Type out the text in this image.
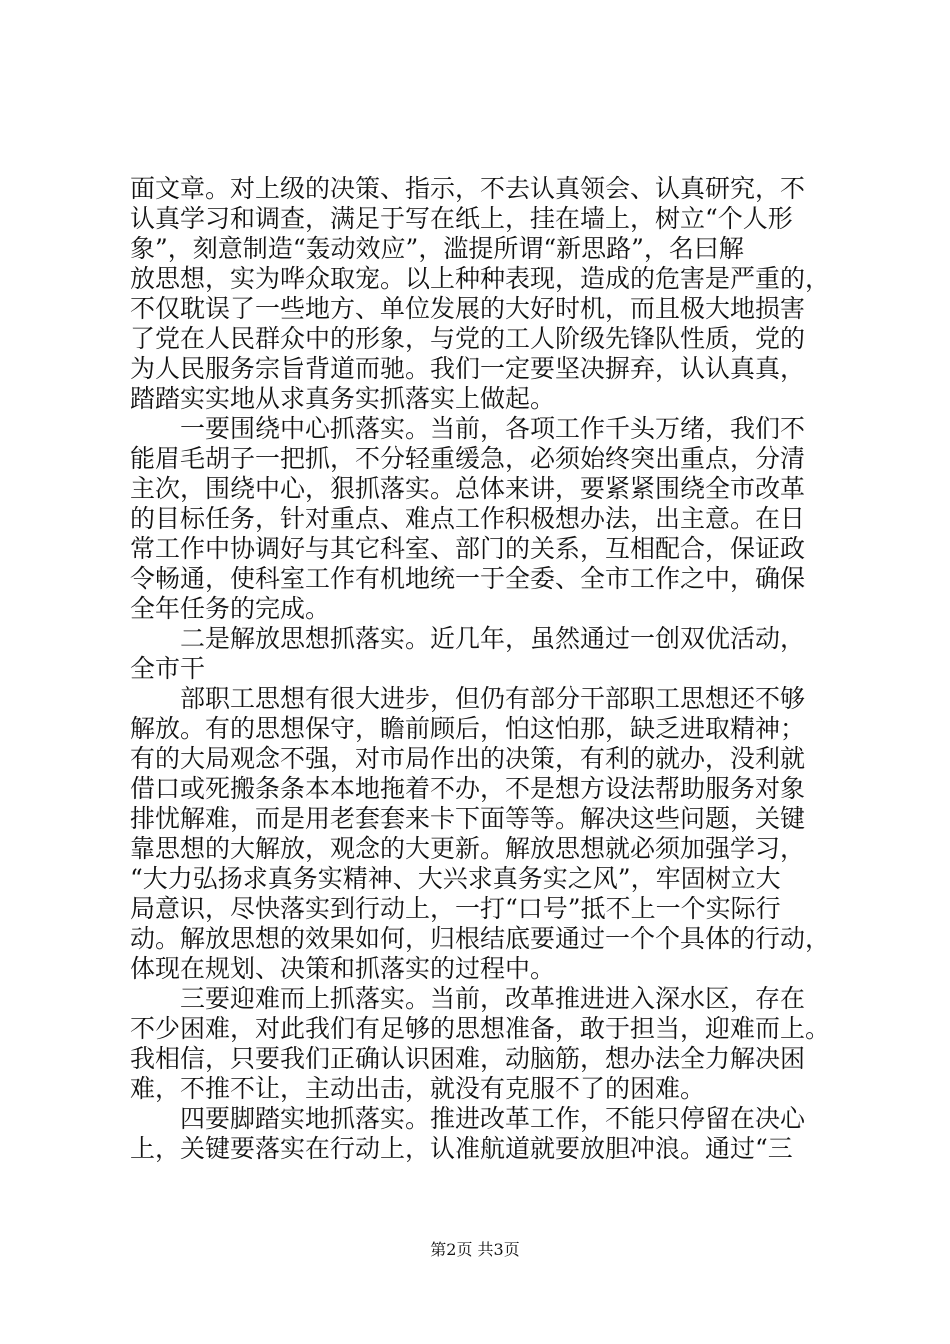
面文章。对上级的决策、指示，不去认真领会、认真研究，不
认真学习和调查，满足于写在纸上，挂在墙上，树立“个人形
象”，刻意制造“轰动效应”，滥提所谓“新思路”，名曰解
放思想，实为哗众取宠。以上种种表现，造成的危害是严重的，
不仅耽误了一些地方、单位发展的大好时机，而且极大地损害
了党在人民群众中的形象，与党的工人阶级先锋队性质，党的
为人民服务宗旨背道而驰。我们一定要坚决摒弃，认认真真，
踏踏实实地从求真务实抓落实上做起。
一要围绕中心抓落实。当前，各项工作千头万绪，我们不
能眉毛胡子一把抓，不分轻重缓急，必须始终突出重点，分清
主次，围绕中心，狠抓落实。总体来讲，要紧紧围绕全市改革
的目标任务，针对重点、难点工作积极想办法，出主意。在日
常工作中协调好与其它科室、部门的关系，互相配合，保证政
令畅通，使科室工作有机地统一于全委、全市工作之中，确保
全年任务的完成。
二是解放思想抓落实。近几年，虽然通过一创双优活动，
全市干
部职工思想有很大进步，但仍有部分干部职工思想还不够
解放。有的思想保守，瞻前顾后，怕这怕那，缺乏进取精神；
有的大局观念不强，对市局作出的决策，有利的就办，没利就
借口或死搬条条本本地拖着不办，不是想方设法帮助服务对象
排忧解难，而是用老套套来卡下面等等。解决这些问题，关键
靠思想的大解放，观念的大更新。解放思想就必须加强学习，
“大力弘扬求真务实精神、大兴求真务实之风”，牢固树立大
局意识，尽快落实到行动上，一打“口号”抵不上一个实际行
动。解放思想的效果如何，归根结底要通过一个个具体的行动，
体现在规划、决策和抓落实的过程中。
三要迎难而上抓落实。当前，改革推进进入深水区，存在
不少困难，对此我们有足够的思想准备，敢于担当，迎难而上。
我相信，只要我们正确认识困难，动脑筋，想办法全力解决困
难，不推不让，主动出击，就没有克服不了的困难。
四要脚踏实地抓落实。推进改革工作，不能只停留在决心
上，关键要落实在行动上，认准航道就要放胆冲浪。通过“三
第2页 共3页
